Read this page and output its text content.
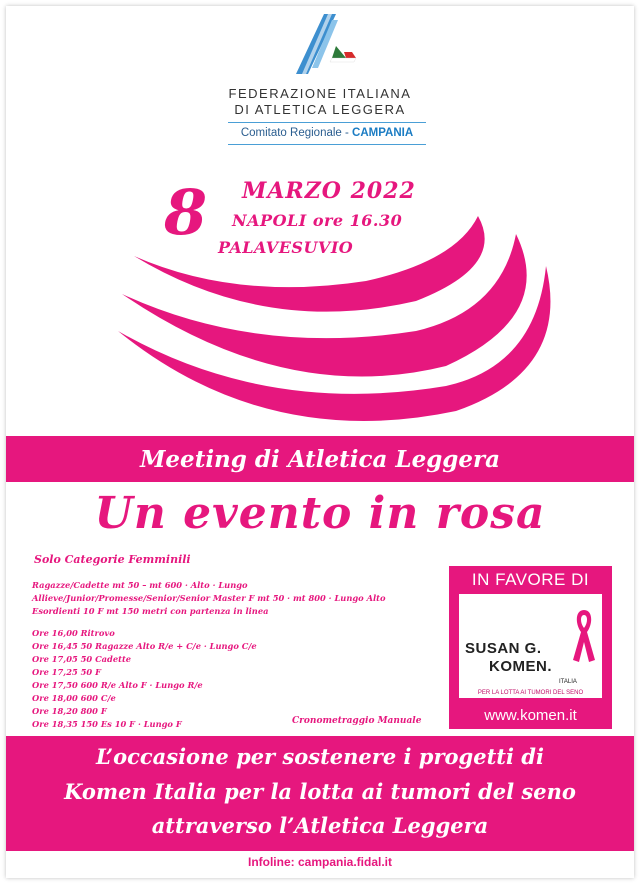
FEDERAZIONE ITALIANA
DI ATLETICA LEGGERA
Comitato Regionale - CAMPANIA
8 MARZO 2022
NAPOLI ore 16.30
PALAVESUVIO
Meeting di Atletica Leggera
Un evento in rosa
Solo Categorie Femminili
Ragazze/Cadette mt 50 – mt 600 · Alto · Lungo
Allieve/Junior/Promesse/Senior/Senior Master F mt 50 · mt 800 · Lungo Alto
Esordienti 10 F mt 150 metri con partenza in linea
Ore 16,00 Ritrovo
Ore 16,45 50 Ragazze Alto R/e + C/e · Lungo C/e
Ore 17,05 50 Cadette
Ore 17,25 50 F
Ore 17,50 600 R/e Alto F · Lungo R/e
Ore 18,00 600 C/e
Ore 18,20 800 F
Ore 18,35 150 Es 10 F · Lungo F	Cronometraggio Manuale
IN FAVORE DI
SUSAN G.
KOMEN.
ITALIA
PER LA LOTTA AI TUMORI DEL SENO
www.komen.it
L’occasione per sostenere i progetti di
Komen Italia per la lotta ai tumori del seno
attraverso l’Atletica Leggera
Infoline: campania.fidal.it
